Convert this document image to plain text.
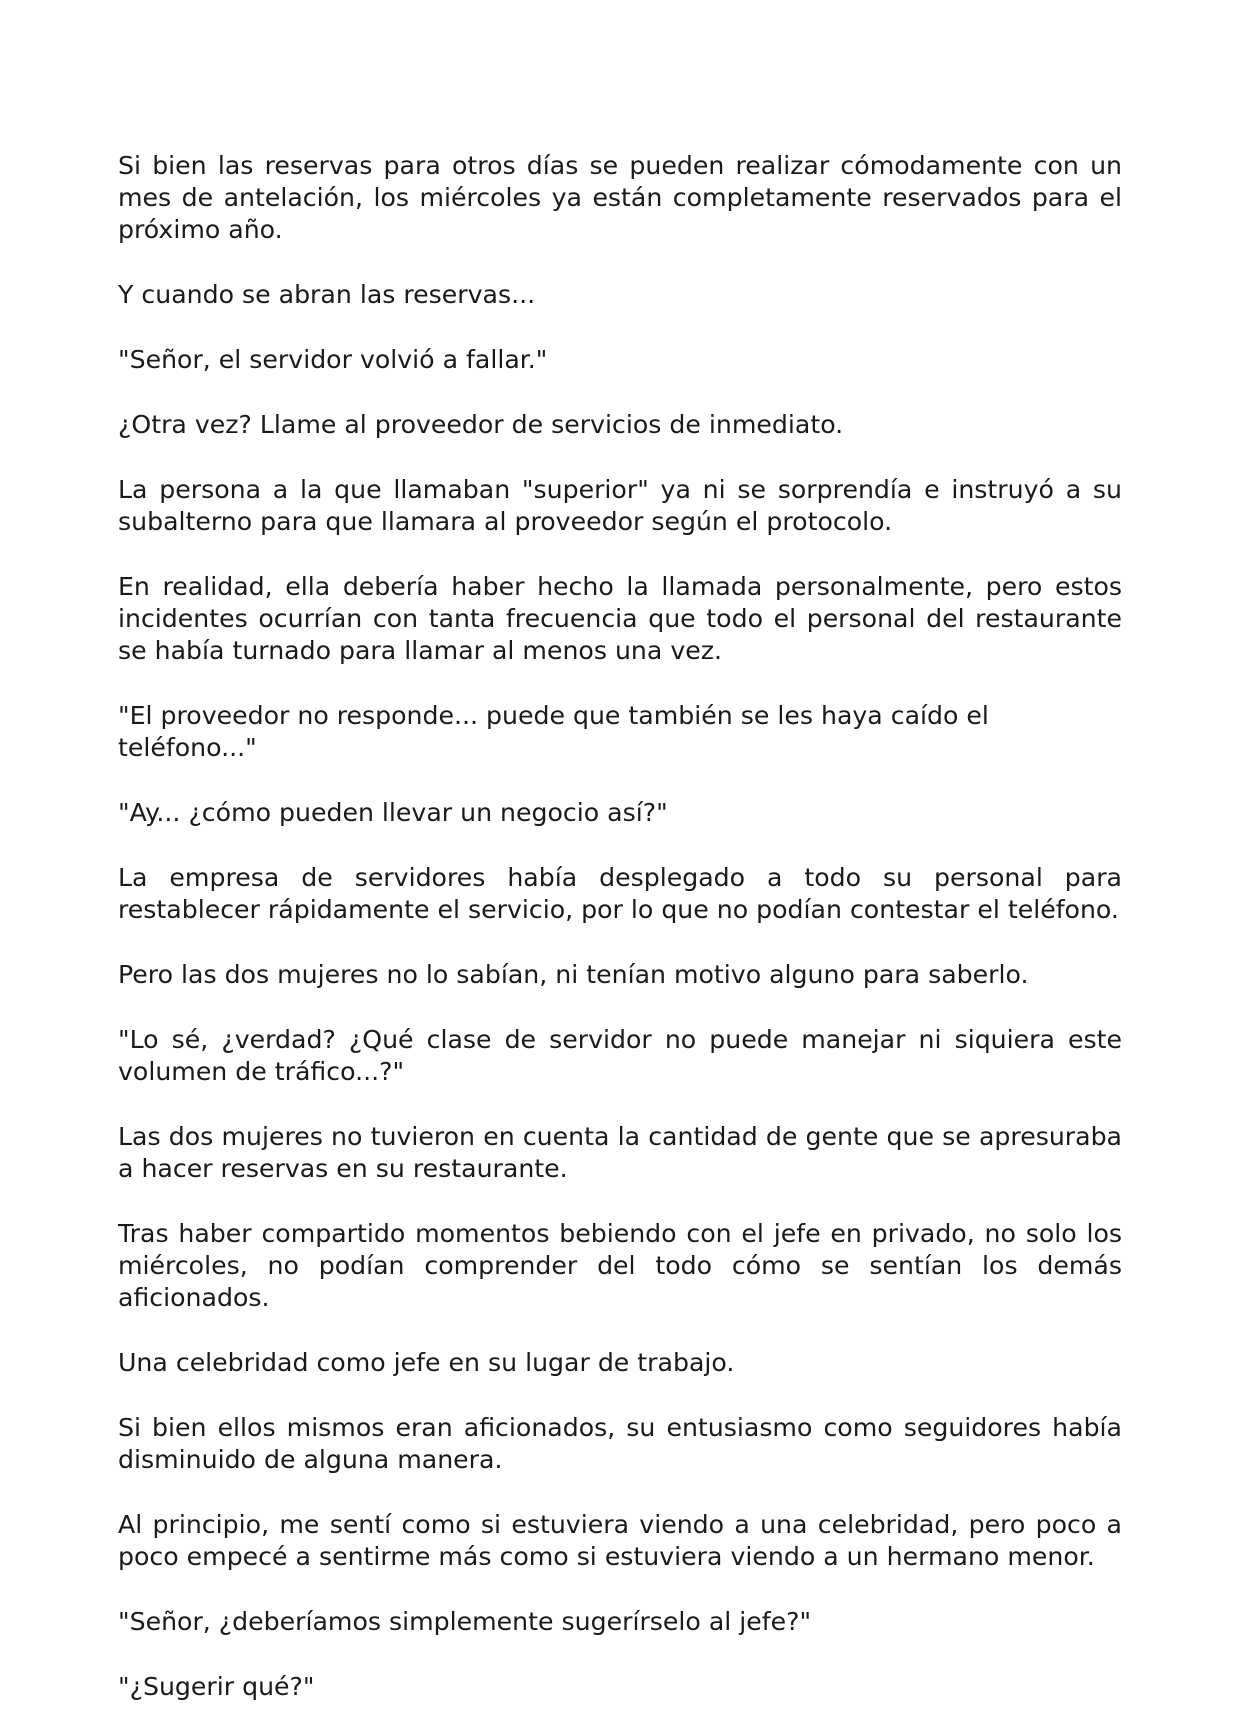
Si bien las reservas para otros días se pueden realizar cómodamente con un mes de antelación, los miércoles ya están completamente reservados para el próximo año.

Y cuando se abran las reservas...

"Señor, el servidor volvió a fallar."

¿Otra vez? Llame al proveedor de servicios de inmediato.

La persona a la que llamaban "superior" ya ni se sorprendía e instruyó a su subalterno para que llamara al proveedor según el protocolo.

En realidad, ella debería haber hecho la llamada personalmente, pero estos incidentes ocurrían con tanta frecuencia que todo el personal del restaurante se había turnado para llamar al menos una vez.

"El proveedor no responde... puede que también se les haya caído el teléfono..."

"Ay... ¿cómo pueden llevar un negocio así?"

La empresa de servidores había desplegado a todo su personal para restablecer rápidamente el servicio, por lo que no podían contestar el teléfono.

Pero las dos mujeres no lo sabían, ni tenían motivo alguno para saberlo.

"Lo sé, ¿verdad? ¿Qué clase de servidor no puede manejar ni siquiera este volumen de tráfico...?"

Las dos mujeres no tuvieron en cuenta la cantidad de gente que se apresuraba a hacer reservas en su restaurante.

Tras haber compartido momentos bebiendo con el jefe en privado, no solo los miércoles, no podían comprender del todo cómo se sentían los demás aficionados.

Una celebridad como jefe en su lugar de trabajo.

Si bien ellos mismos eran aficionados, su entusiasmo como seguidores había disminuido de alguna manera.

Al principio, me sentí como si estuviera viendo a una celebridad, pero poco a poco empecé a sentirme más como si estuviera viendo a un hermano menor.

"Señor, ¿deberíamos simplemente sugerírselo al jefe?"

"¿Sugerir qué?"
